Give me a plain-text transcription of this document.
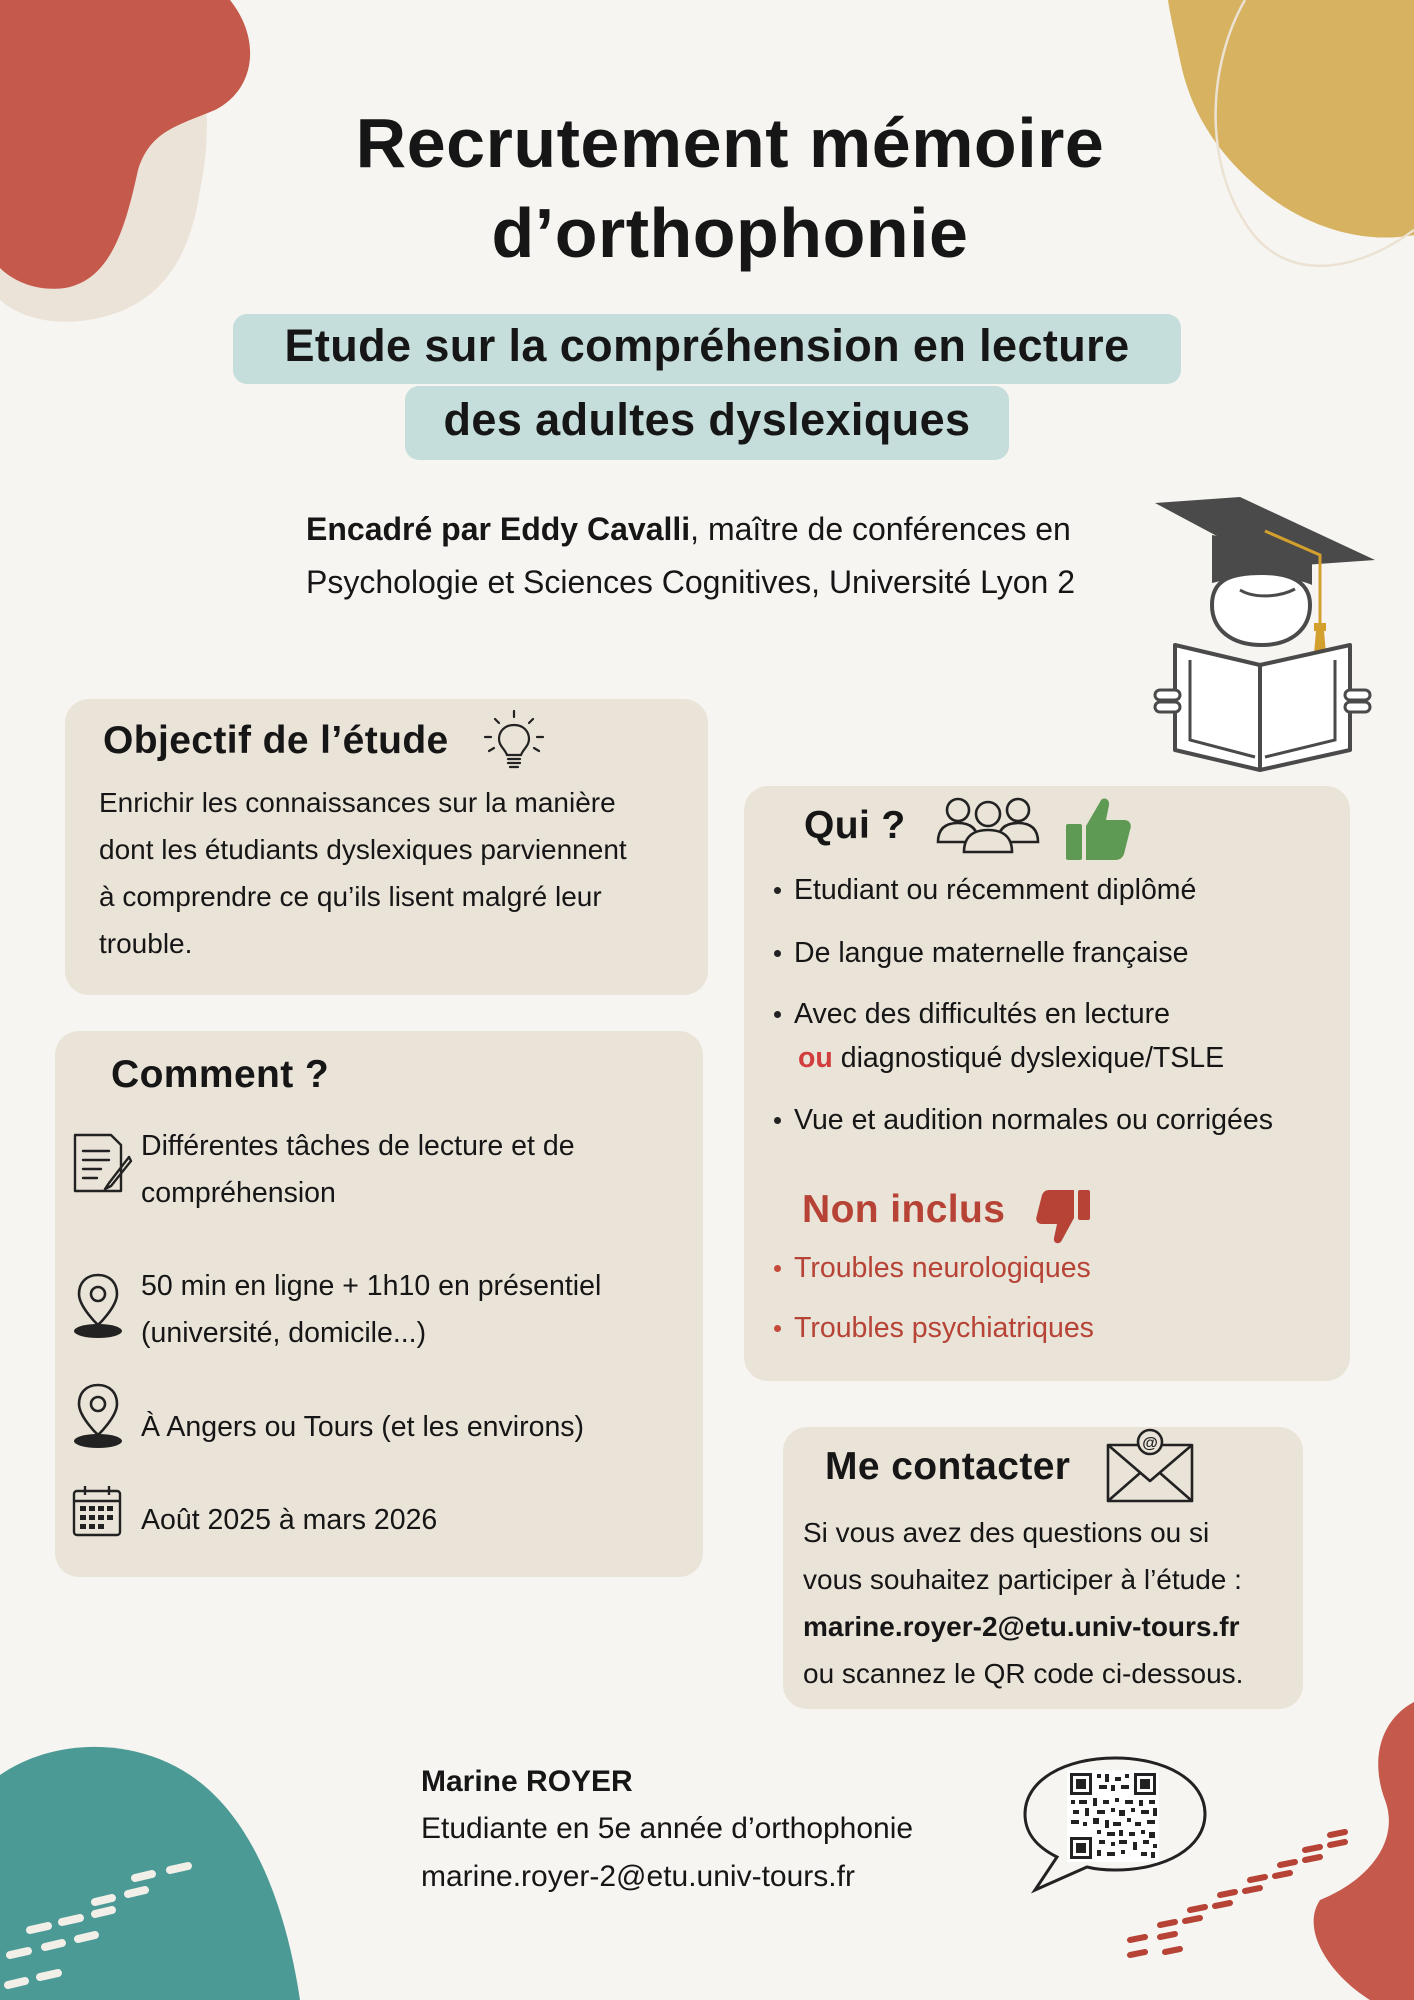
Recrutement mémoire
d’orthophonie
Etude sur la compréhension en lecture
des adultes dyslexiques
Encadré par Eddy Cavalli, maître de conférences en
Psychologie et Sciences Cognitives, Université Lyon 2
Objectif de l’étude
Enrichir les connaissances sur la manière
dont les étudiants dyslexiques parviennent
à comprendre ce qu’ils lisent malgré leur
trouble.
Comment ?
Différentes tâches de lecture et de
compréhension
50 min en ligne + 1h10 en présentiel
(université, domicile...)
À Angers ou Tours (et les environs)
Août 2025 à mars 2026
Qui ?
Etudiant ou récemment diplômé
De langue maternelle française
Avec des difficultés en lecture
ou diagnostiqué dyslexique/TSLE
Vue et audition normales ou corrigées
Non inclus
Troubles neurologiques
Troubles psychiatriques
Me contacter
@
Si vous avez des questions ou si
vous souhaitez participer à l’étude :
marine.royer-2@etu.univ-tours.fr
ou scannez le QR code ci-dessous.
Marine ROYER
Etudiante en 5e année d’orthophonie
marine.royer-2@etu.univ-tours.fr
